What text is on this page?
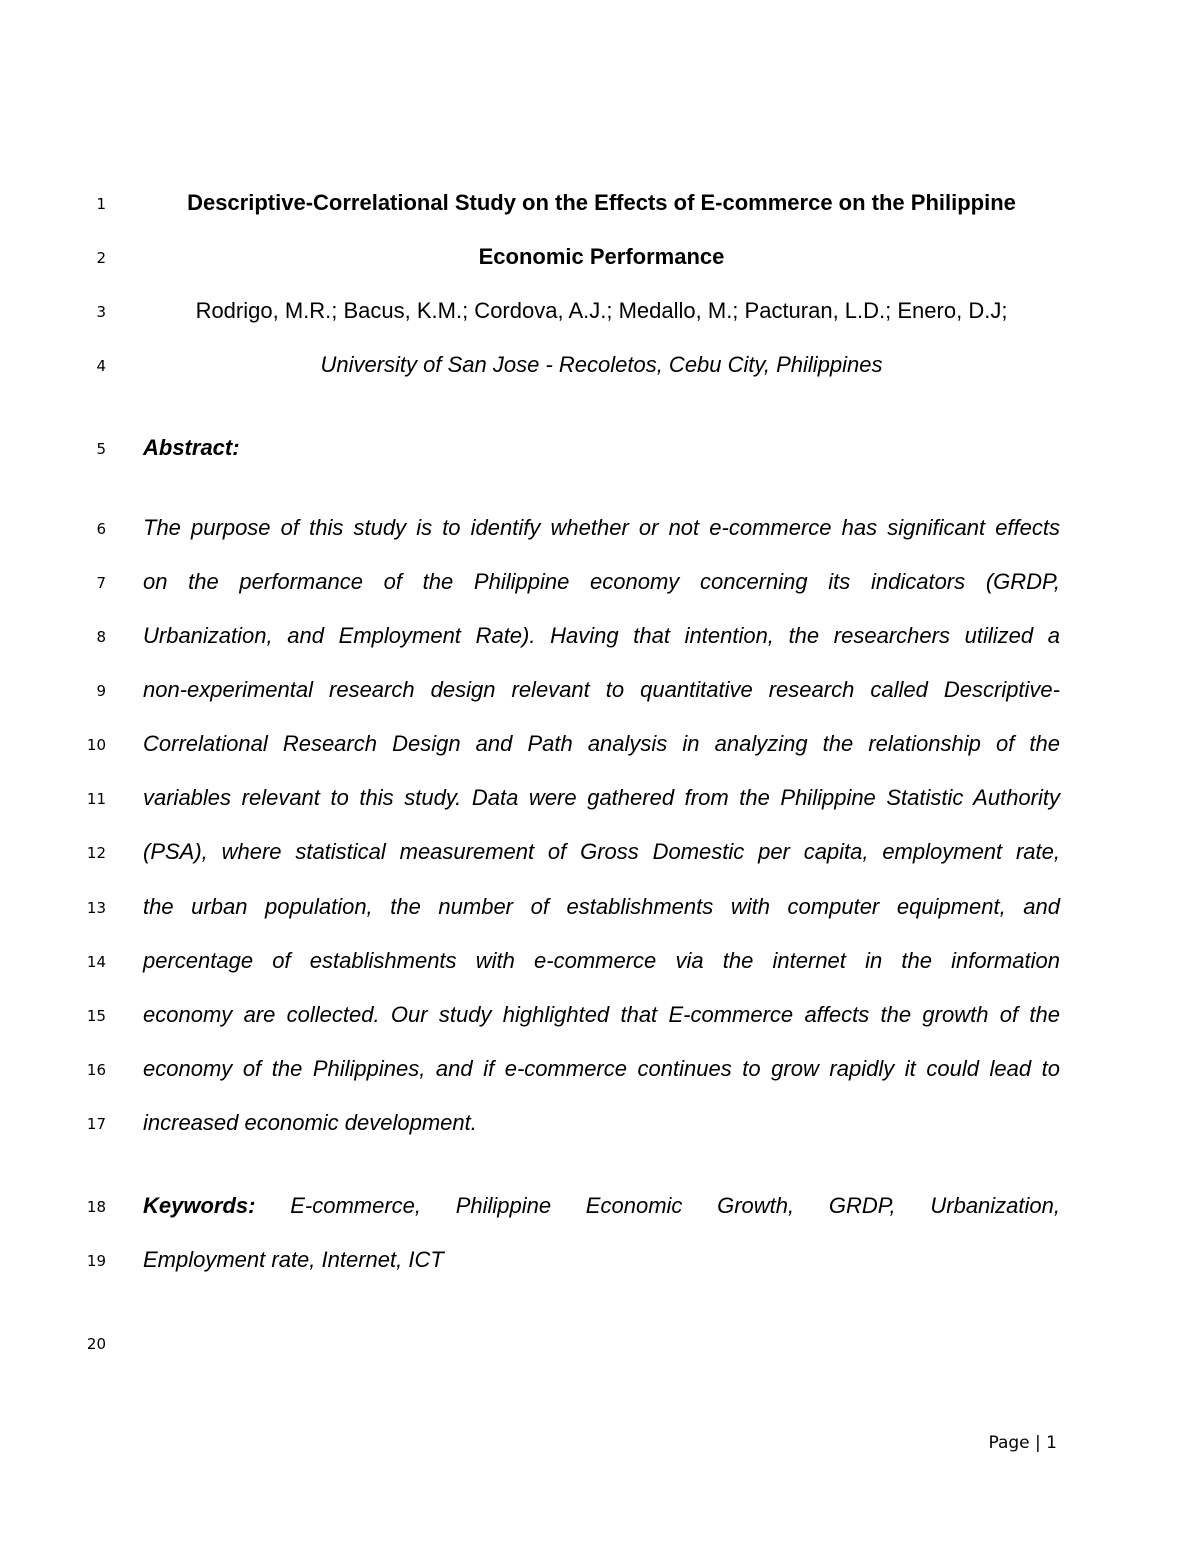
1
2
3
4
5
6
7
8
9
10
11
12
13
14
15
16
17
18
19
20
Descriptive-Correlational Study on the Effects of E-commerce on the Philippine
Economic Performance
Rodrigo, M.R.; Bacus, K.M.; Cordova, A.J.; Medallo, M.; Pacturan, L.D.; Enero, D.J;
University of San Jose - Recoletos, Cebu City, Philippines
Abstract:
The purpose of this study is to identify whether or not e-commerce has significant effects
on the performance of the Philippine economy concerning its indicators (GRDP,
Urbanization, and Employment Rate). Having that intention, the researchers utilized a
non-experimental research design relevant to quantitative research called Descriptive-
Correlational Research Design and Path analysis in analyzing the relationship of the
variables relevant to this study. Data were gathered from the Philippine Statistic Authority
(PSA), where statistical measurement of Gross Domestic per capita, employment rate,
the urban population, the number of establishments with computer equipment, and
percentage of establishments with e-commerce via the internet in the information
economy are collected. Our study highlighted that E-commerce affects the growth of the
economy of the Philippines, and if e-commerce continues to grow rapidly it could lead to
increased economic development.
Keywords: E-commerce, Philippine Economic Growth, GRDP, Urbanization,
Employment rate, Internet, ICT
Page | 1
